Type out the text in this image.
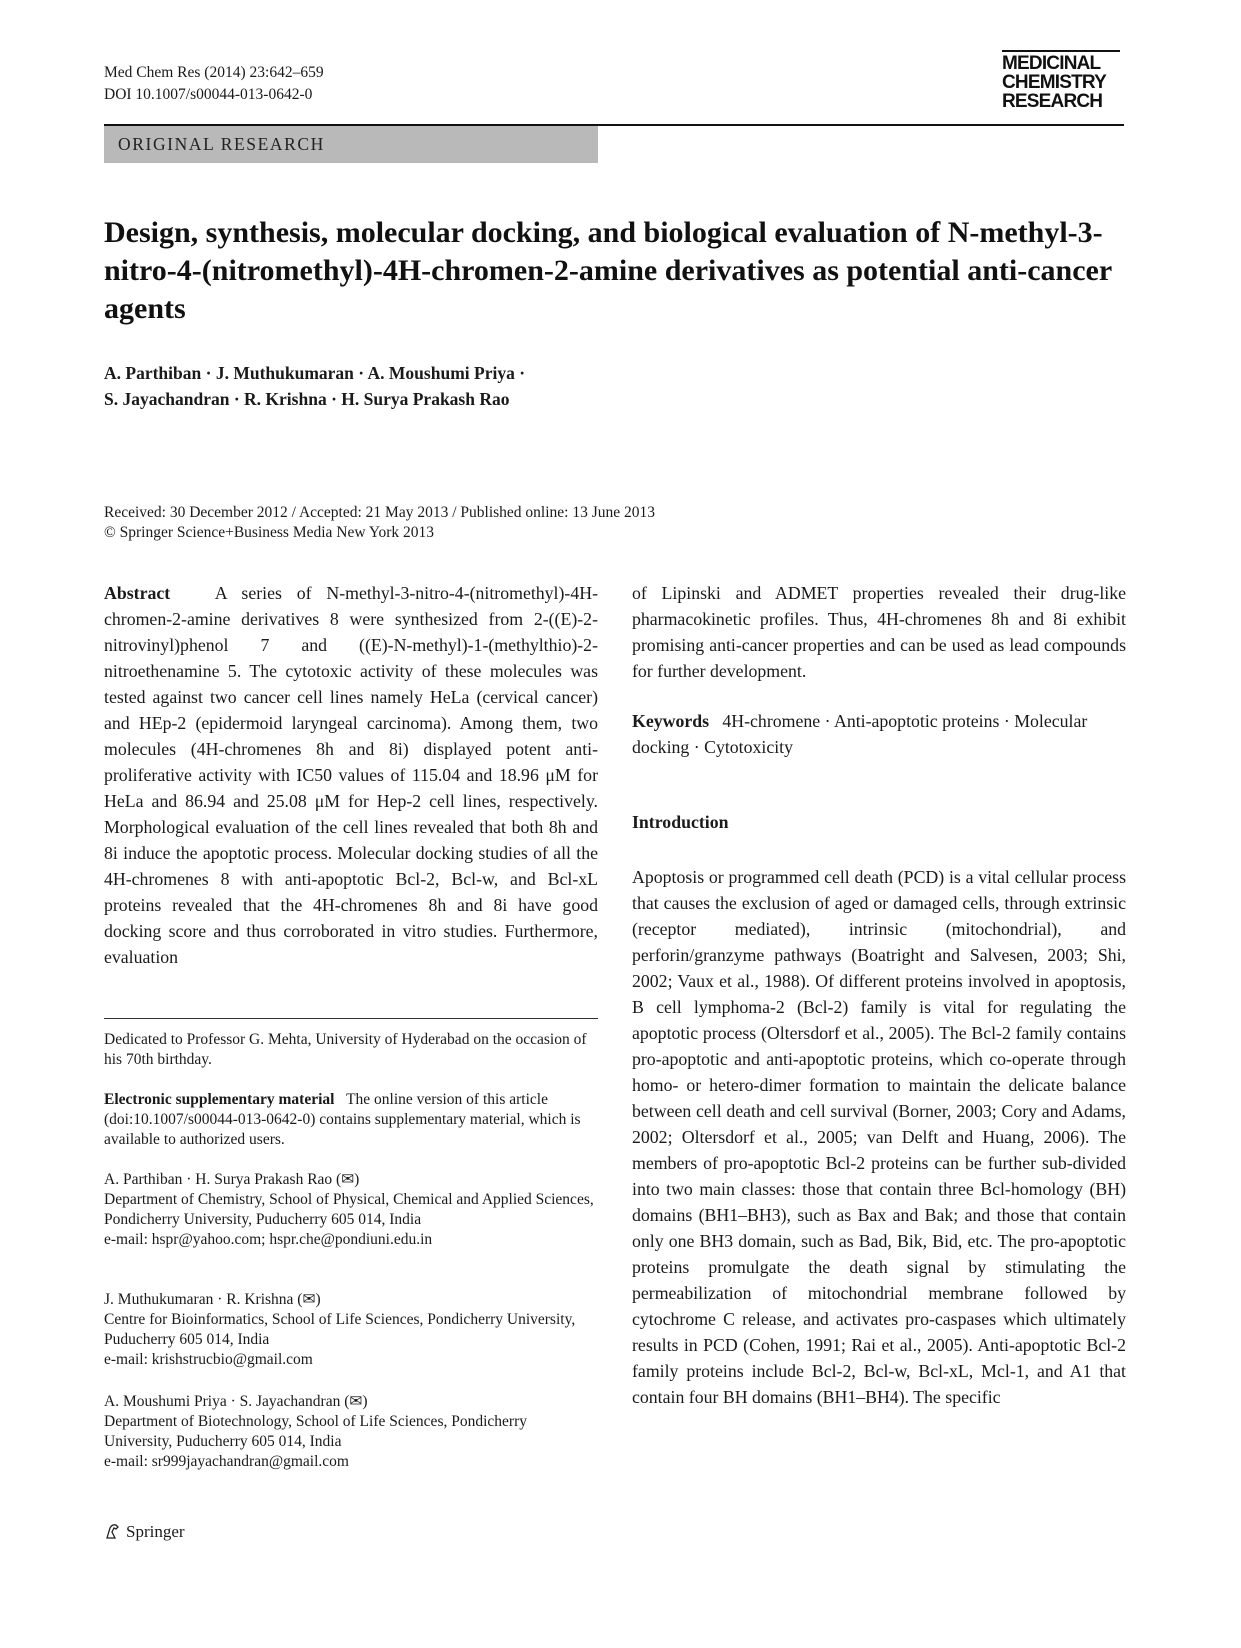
Med Chem Res (2014) 23:642–659
DOI 10.1007/s00044-013-0642-0
MEDICINAL
CHEMISTRY
RESEARCH
ORIGINAL RESEARCH
Design, synthesis, molecular docking, and biological evaluation of N-methyl-3-nitro-4-(nitromethyl)-4H-chromen-2-amine derivatives as potential anti-cancer agents
A. Parthiban · J. Muthukumaran · A. Moushumi Priya ·
S. Jayachandran · R. Krishna · H. Surya Prakash Rao
Received: 30 December 2012 / Accepted: 21 May 2013 / Published online: 13 June 2013
© Springer Science+Business Media New York 2013

Abstract	A series of N-methyl-3-nitro-4-(nitromethyl)-4H-chromen-2-amine derivatives 8 were synthesized from 2-((E)-2-nitrovinyl)phenol 7 and ((E)-N-methyl)-1-(methylthio)-2-nitroethenamine 5. The cytotoxic activity of these molecules was tested against two cancer cell lines namely HeLa (cervical cancer) and HEp-2 (epidermoid laryngeal carcinoma). Among them, two molecules (4H-chromenes 8h and 8i) displayed potent anti-proliferative activity with IC50 values of 115.04 and 18.96 μM for HeLa and 86.94 and 25.08 μM for Hep-2 cell lines, respectively. Morphological evaluation of the cell lines revealed that both 8h and 8i induce the apoptotic process. Molecular docking studies of all the 4H-chromenes 8 with anti-apoptotic Bcl-2, Bcl-w, and Bcl-xL proteins revealed that the 4H-chromenes 8h and 8i have good docking score and thus corroborated in vitro studies. Furthermore, evaluation

of Lipinski and ADMET properties revealed their drug-like pharmacokinetic profiles. Thus, 4H-chromenes 8h and 8i exhibit promising anti-cancer properties and can be used as lead compounds for further development.

Keywords 4H-chromene · Anti-apoptotic proteins · Molecular docking · Cytotoxicity

Introduction
Apoptosis or programmed cell death (PCD) is a vital cellular process that causes the exclusion of aged or damaged cells, through extrinsic (receptor mediated), intrinsic (mitochondrial), and perforin/granzyme pathways (Boatright and Salvesen, 2003; Shi, 2002; Vaux et al., 1988). Of different proteins involved in apoptosis, B cell lymphoma-2 (Bcl-2) family is vital for regulating the apoptotic process (Oltersdorf et al., 2005). The Bcl-2 family contains pro-apoptotic and anti-apoptotic proteins, which co-operate through homo- or hetero-dimer formation to maintain the delicate balance between cell death and cell survival (Borner, 2003; Cory and Adams, 2002; Oltersdorf et al., 2005; van Delft and Huang, 2006). The members of pro-apoptotic Bcl-2 proteins can be further sub-divided into two main classes: those that contain three Bcl-homology (BH) domains (BH1–BH3), such as Bax and Bak; and those that contain only one BH3 domain, such as Bad, Bik, Bid, etc. The pro-apoptotic proteins promulgate the death signal by stimulating the permeabilization of mitochondrial membrane followed by cytochrome C release, and activates pro-caspases which ultimately results in PCD (Cohen, 1991; Rai et al., 2005). Anti-apoptotic Bcl-2 family proteins include Bcl-2, Bcl-w, Bcl-xL, Mcl-1, and A1 that contain four BH domains (BH1–BH4). The specific
Dedicated to Professor G. Mehta, University of Hyderabad on the occasion of his 70th birthday.
Electronic supplementary material The online version of this article (doi:10.1007/s00044-013-0642-0) contains supplementary material, which is available to authorized users.
A. Parthiban · H. Surya Prakash Rao (✉)
Department of Chemistry, School of Physical, Chemical and Applied Sciences, Pondicherry University, Puducherry 605 014, India
e-mail: hspr@yahoo.com; hspr.che@pondiuni.edu.in
J. Muthukumaran · R. Krishna (✉)
Centre for Bioinformatics, School of Life Sciences, Pondicherry University, Puducherry 605 014, India
e-mail: krishstrucbio@gmail.com
A. Moushumi Priya · S. Jayachandran (✉)
Department of Biotechnology, School of Life Sciences, Pondicherry University, Puducherry 605 014, India
e-mail: sr999jayachandran@gmail.com
Springer
